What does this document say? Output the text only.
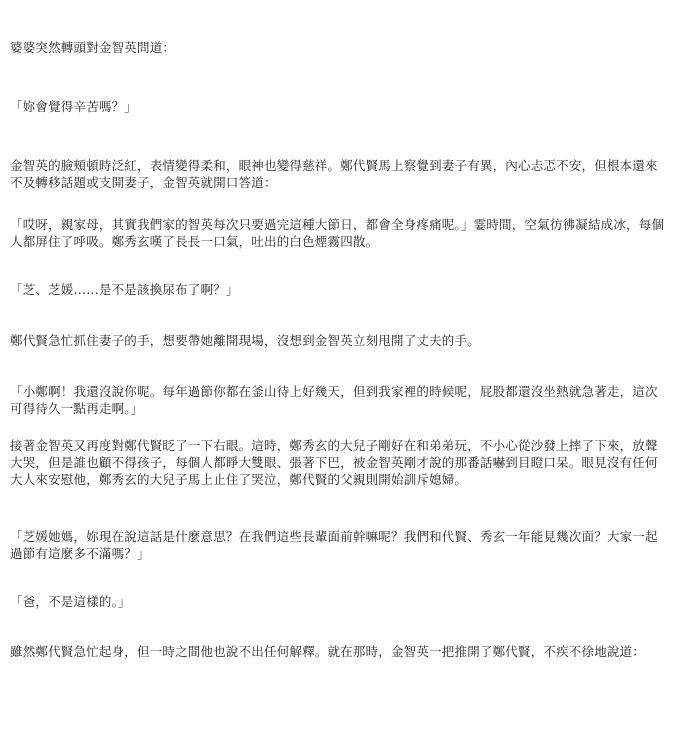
婆婆突然轉頭對金智英問道：

「妳會覺得辛苦嗎？」

金智英的臉頰頓時泛紅，表情變得柔和，眼神也變得慈祥。鄭代賢馬上察覺到妻子有異，內心忐忑不安，但根本還來不及轉移話題或支開妻子，金智英就開口答道：

「哎呀，親家母，其實我們家的智英每次只要過完這種大節日，都會全身疼痛呢。」霎時間，空氣彷彿凝結成冰，每個人都屏住了呼吸。鄭秀玄嘆了長長一口氣，吐出的白色煙霧四散。

「芝、芝媛……是不是該換尿布了啊？」

鄭代賢急忙抓住妻子的手，想要帶她離開現場，沒想到金智英立刻甩開了丈夫的手。

「小鄭啊！我還沒說你呢。每年過節你都在釜山待上好幾天，但到我家裡的時候呢，屁股都還沒坐熱就急著走，這次可得待久一點再走啊。」

接著金智英又再度對鄭代賢眨了一下右眼。這時，鄭秀玄的大兒子剛好在和弟弟玩，不小心從沙發上摔了下來，放聲大哭，但是誰也顧不得孩子，每個人都睜大雙眼、張著下巴，被金智英剛才說的那番話嚇到目瞪口呆。眼見沒有任何大人來安慰他，鄭秀玄的大兒子馬上止住了哭泣，鄭代賢的父親則開始訓斥媳婦。

「芝媛她媽，妳現在說這話是什麼意思？在我們這些長輩面前幹嘛呢？我們和代賢、秀玄一年能見幾次面？大家一起過節有這麼多不滿嗎？」

「爸，不是這樣的。」

雖然鄭代賢急忙起身，但一時之間他也說不出任何解釋。就在那時，金智英一把推開了鄭代賢，不疾不徐地說道：
